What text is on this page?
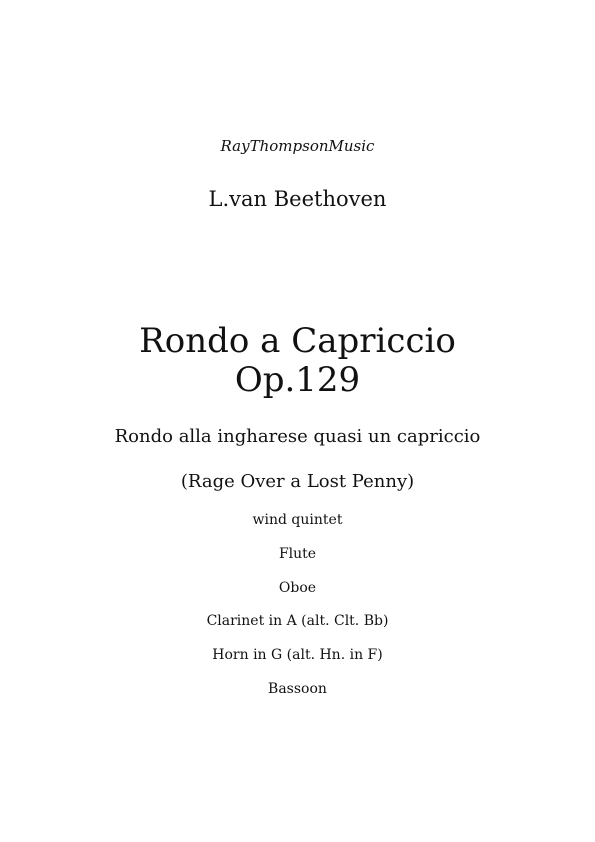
RayThompsonMusic
L.van Beethoven
Rondo a Capriccio
Op.129
Rondo alla ingharese quasi un capriccio
(Rage Over a Lost Penny)
wind quintet
Flute
Oboe
Clarinet in A (alt. Clt. Bb)
Horn in G (alt. Hn. in F)
Bassoon
